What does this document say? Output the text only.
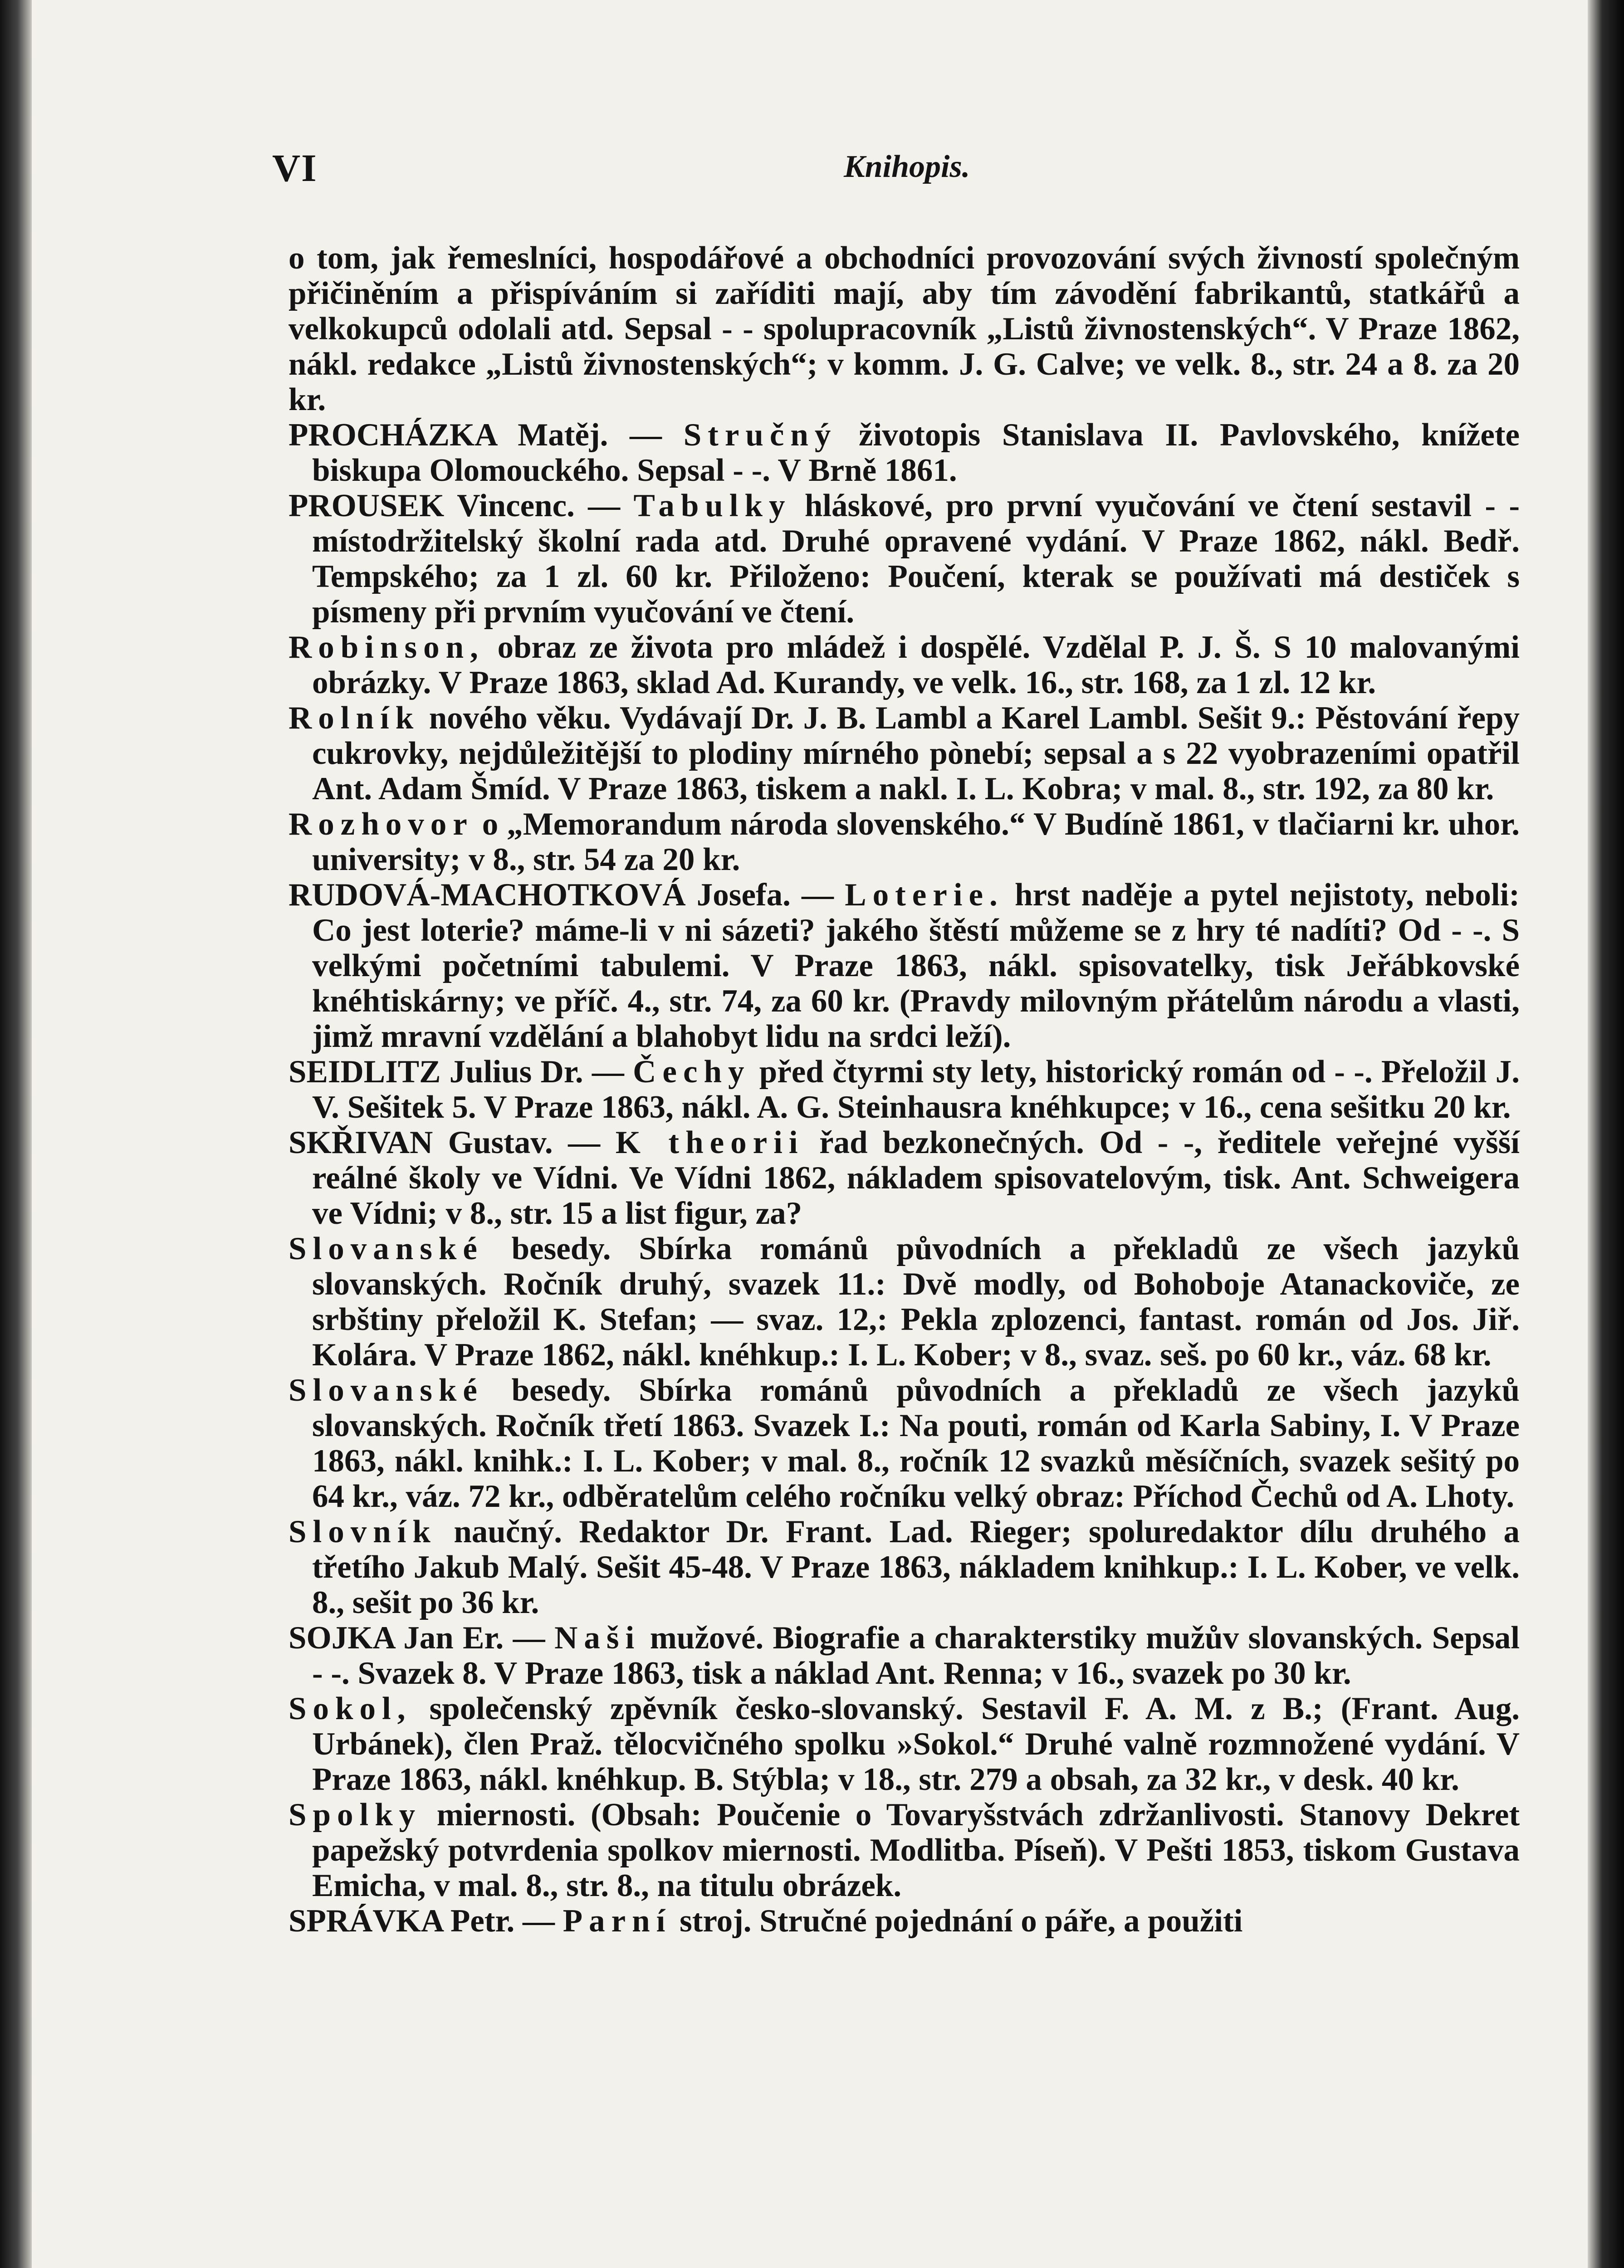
VI	Knihopis.

o tom, jak řemeslníci, hospodářové a obchodníci provozování svých živností společným přičiněním a přispíváním si zaříditi mají, aby tím závodění fabrikantů, statkářů a velkokupců odolali atd. Sepsal - - spolupracovník „Listů živnostenských“. V Praze 1862, nákl. redakce „Listů živnostenských“; v komm. J. G. Calve; ve velk. 8., str. 24 a 8. za 20 kr.

PROCHÁZKA Matěj. — Stručný životopis Stanislava II. Pavlovského, knížete biskupa Olomouckého. Sepsal - -. V Brně 1861.

PROUSEK Vincenc. — Tabulky hláskové, pro první vyučování ve čtení sestavil - - místodržitelský školní rada atd. Druhé opravené vydání. V Praze 1862, nákl. Bedř. Tempského; za 1 zl. 60 kr. Přiloženo: Poučení, kterak se používati má destiček s písmeny při prvním vyučování ve čtení.

Robinson, obraz ze života pro mládež i dospělé. Vzdělal P. J. Š. S 10 malovanými obrázky. V Praze 1863, sklad Ad. Kurandy, ve velk. 16., str. 168, za 1 zl. 12 kr.

Rolník nového věku. Vydávají Dr. J. B. Lambl a Karel Lambl. Sešit 9.: Pěstování řepy cukrovky, nejdůležitější to plodiny mírného pònebí; sepsal a s 22 vyobrazeními opatřil Ant. Adam Šmíd. V Praze 1863, tiskem a nakl. I. L. Kobra; v mal. 8., str. 192, za 80 kr.

Rozhovor o „Memorandum národa slovenského.“ V Budíně 1861, v tlačiarni kr. uhor. university; v 8., str. 54 za 20 kr.

RUDOVÁ-MACHOTKOVÁ Josefa. — Loterie. hrst naděje a pytel nejistoty, neboli: Co jest loterie? máme-li v ni sázeti? jakého štěstí můžeme se z hry té nadíti? Od - -. S velkými početními tabulemi. V Praze 1863, nákl. spisovatelky, tisk Jeřábkovské knéhtiskárny; ve příč. 4., str. 74, za 60 kr. (Pravdy milovným přátelům národu a vlasti, jimž mravní vzdělání a blahobyt lidu na srdci leží).

SEIDLITZ Julius Dr. — Čechy před čtyrmi sty lety, historický román od - -. Přeložil J. V. Sešitek 5. V Praze 1863, nákl. A. G. Steinhausra knéhkupce; v 16., cena sešitku 20 kr.

SKŘIVAN Gustav. — K theorii řad bezkonečných. Od - -, ředitele veřejné vyšší reálné školy ve Vídni. Ve Vídni 1862, nákladem spisovatelovým, tisk. Ant. Schweigera ve Vídni; v 8., str. 15 a list figur, za?

Slovanské besedy. Sbírka románů původních a překladů ze všech jazyků slovanských. Ročník druhý, svazek 11.: Dvě modly, od Bohoboje Atanackoviče, ze srbštiny přeložil K. Stefan; — svaz. 12,: Pekla zplozenci, fantast. román od Jos. Jiř. Kolára. V Praze 1862, nákl. knéhkup.: I. L. Kober; v 8., svaz. seš. po 60 kr., váz. 68 kr.

Slovanské besedy. Sbírka románů původních a překladů ze všech jazyků slovanských. Ročník třetí 1863. Svazek I.: Na pouti, román od Karla Sabiny, I. V Praze 1863, nákl. knihk.: I. L. Kober; v mal. 8., ročník 12 svazků měsíčních, svazek sešitý po 64 kr., váz. 72 kr., odběratelům celého ročníku velký obraz: Příchod Čechů od A. Lhoty.

Slovník naučný. Redaktor Dr. Frant. Lad. Rieger; spoluredaktor dílu druhého a třetího Jakub Malý. Sešit 45-48. V Praze 1863, nákladem knihkup.: I. L. Kober, ve velk. 8., sešit po 36 kr.

SOJKA Jan Er. — Naši mužové. Biografie a charakterstiky mužův slovanských. Sepsal - -. Svazek 8. V Praze 1863, tisk a náklad Ant. Renna; v 16., svazek po 30 kr.

Sokol, společenský zpěvník česko-slovanský. Sestavil F. A. M. z B.; (Frant. Aug. Urbánek), člen Praž. tělocvičného spolku »Sokol.“ Druhé valně rozmnožené vydání. V Praze 1863, nákl. knéhkup. B. Stýbla; v 18., str. 279 a obsah, za 32 kr., v desk. 40 kr.

Spolky miernosti. (Obsah: Poučenie o Tovaryšstvách zdržanlivosti. Stanovy Dekret papežský potvrdenia spolkov miernosti. Modlitba. Píseň). V Pešti 1853, tiskom Gustava Emicha, v mal. 8., str. 8., na titulu obrázek.

SPRÁVKA Petr. — Parní stroj. Stručné pojednání o páře, a použiti
